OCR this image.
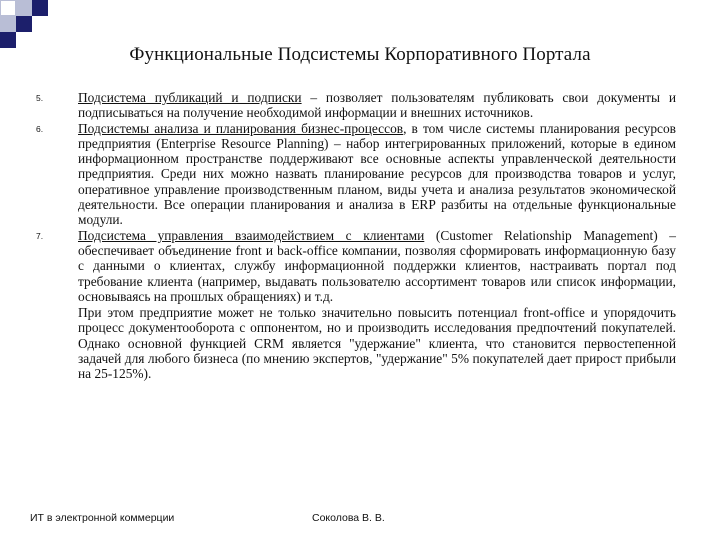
Функциональные Подсистемы Корпоративного Портала
5.	Подсистема публикаций и подписки – позволяет пользователям публиковать свои документы и подписываться на получение необходимой информации и внешних источников.
6.	Подсистемы анализа и планирования бизнес-процессов, в том числе системы планирования ресурсов предприятия (Enterprise Resource Planning) – набор интегрированных приложений, которые в едином информационном пространстве поддерживают все основные аспекты управленческой деятельности предприятия. Среди них можно назвать планирование ресурсов для производства товаров и услуг, оперативное управление производственным планом, виды учета и анализа результатов экономической деятельности. Все операции планирования и анализа в ERP разбиты на отдельные функциональные модули.
7.	Подсистема управления взаимодействием с клиентами (Customer Relationship Management) – обеспечивает объединение front и back-office компании, позволяя сформировать информационную базу с данными о клиентах, службу информационной поддержки клиентов, настраивать портал под требование клиента (например, выдавать пользователю ассортимент товаров или список информации, основываясь на прошлых обращениях) и т.д.
При этом предприятие может не только значительно повысить потенциал front-office и упорядочить процесс документооборота с оппонентом, но и производить исследования предпочтений покупателей. Однако основной функцией CRM является "удержание" клиента, что становится первостепенной задачей для любого бизнеса (по мнению экспертов, "удержание" 5% покупателей дает прирост прибыли на 25-125%).
ИТ в электронной коммерции	Соколова В. В.
